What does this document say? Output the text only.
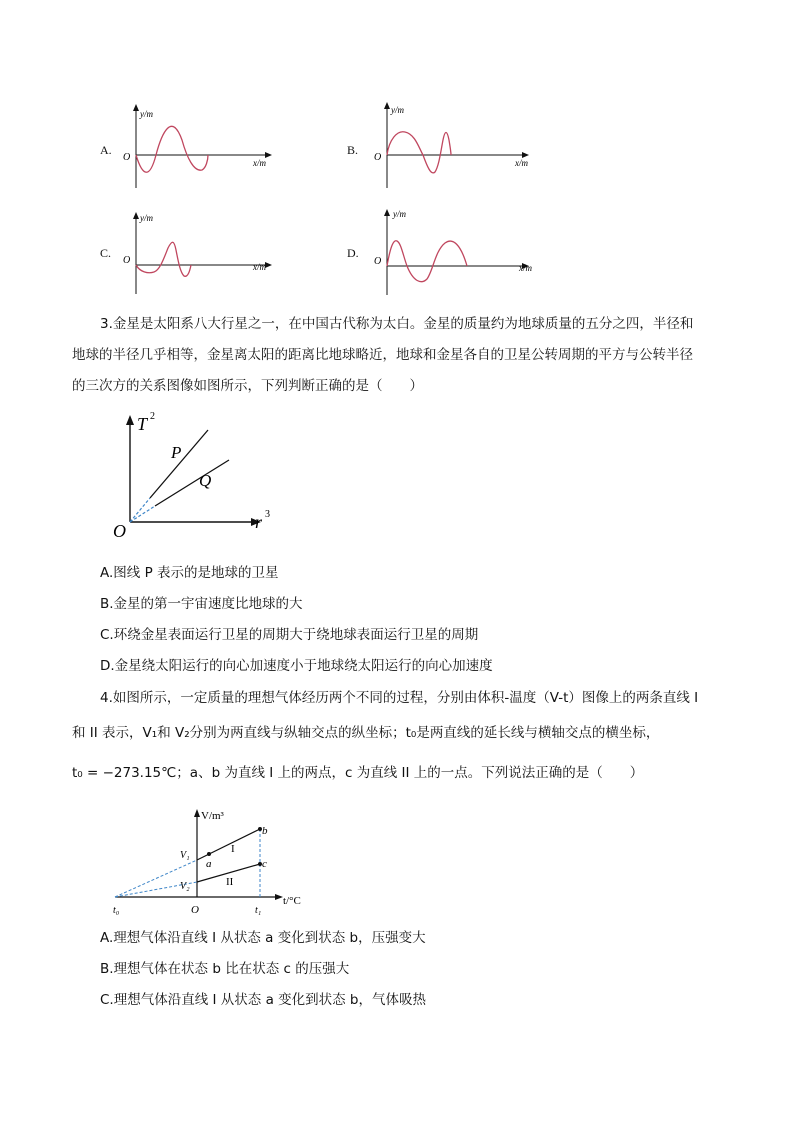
A.
y/m
x/m
O
B.
y/m
x/m
O
C.
y/m
x/m
O
D.
y/m
x/m
O
3.金星是太阳系八大行星之一，在中国古代称为太白。金星的质量约为地球质量的五分之四，半径和
地球的半径几乎相等，金星离太阳的距离比地球略近，地球和金星各自的卫星公转周期的平方与公转半径
的三次方的关系图像如图所示，下列判断正确的是（　　）
T 2
r 3
O
P
Q
A.图线 P 表示的是地球的卫星
B.金星的第一宇宙速度比地球的大
C.环绕金星表面运行卫星的周期大于绕地球表面运行卫星的周期
D.金星绕太阳运行的向心加速度小于地球绕太阳运行的向心加速度
4.如图所示，一定质量的理想气体经历两个不同的过程，分别由体积-温度（V-t）图像上的两条直线 I
和 II 表示，V₁和 V₂分别为两直线与纵轴交点的纵坐标；t₀是两直线的延长线与横轴交点的横坐标，
t₀ = −273.15℃；a、b 为直线 I 上的两点，c 为直线 II 上的一点。下列说法正确的是（　　）
V/m³
t/°C
O
V₁
V₂
t₀	t₁
a
b
c
I
II
A.理想气体沿直线 I 从状态 a 变化到状态 b，压强变大
B.理想气体在状态 b 比在状态 c 的压强大
C.理想气体沿直线 I 从状态 a 变化到状态 b，气体吸热
